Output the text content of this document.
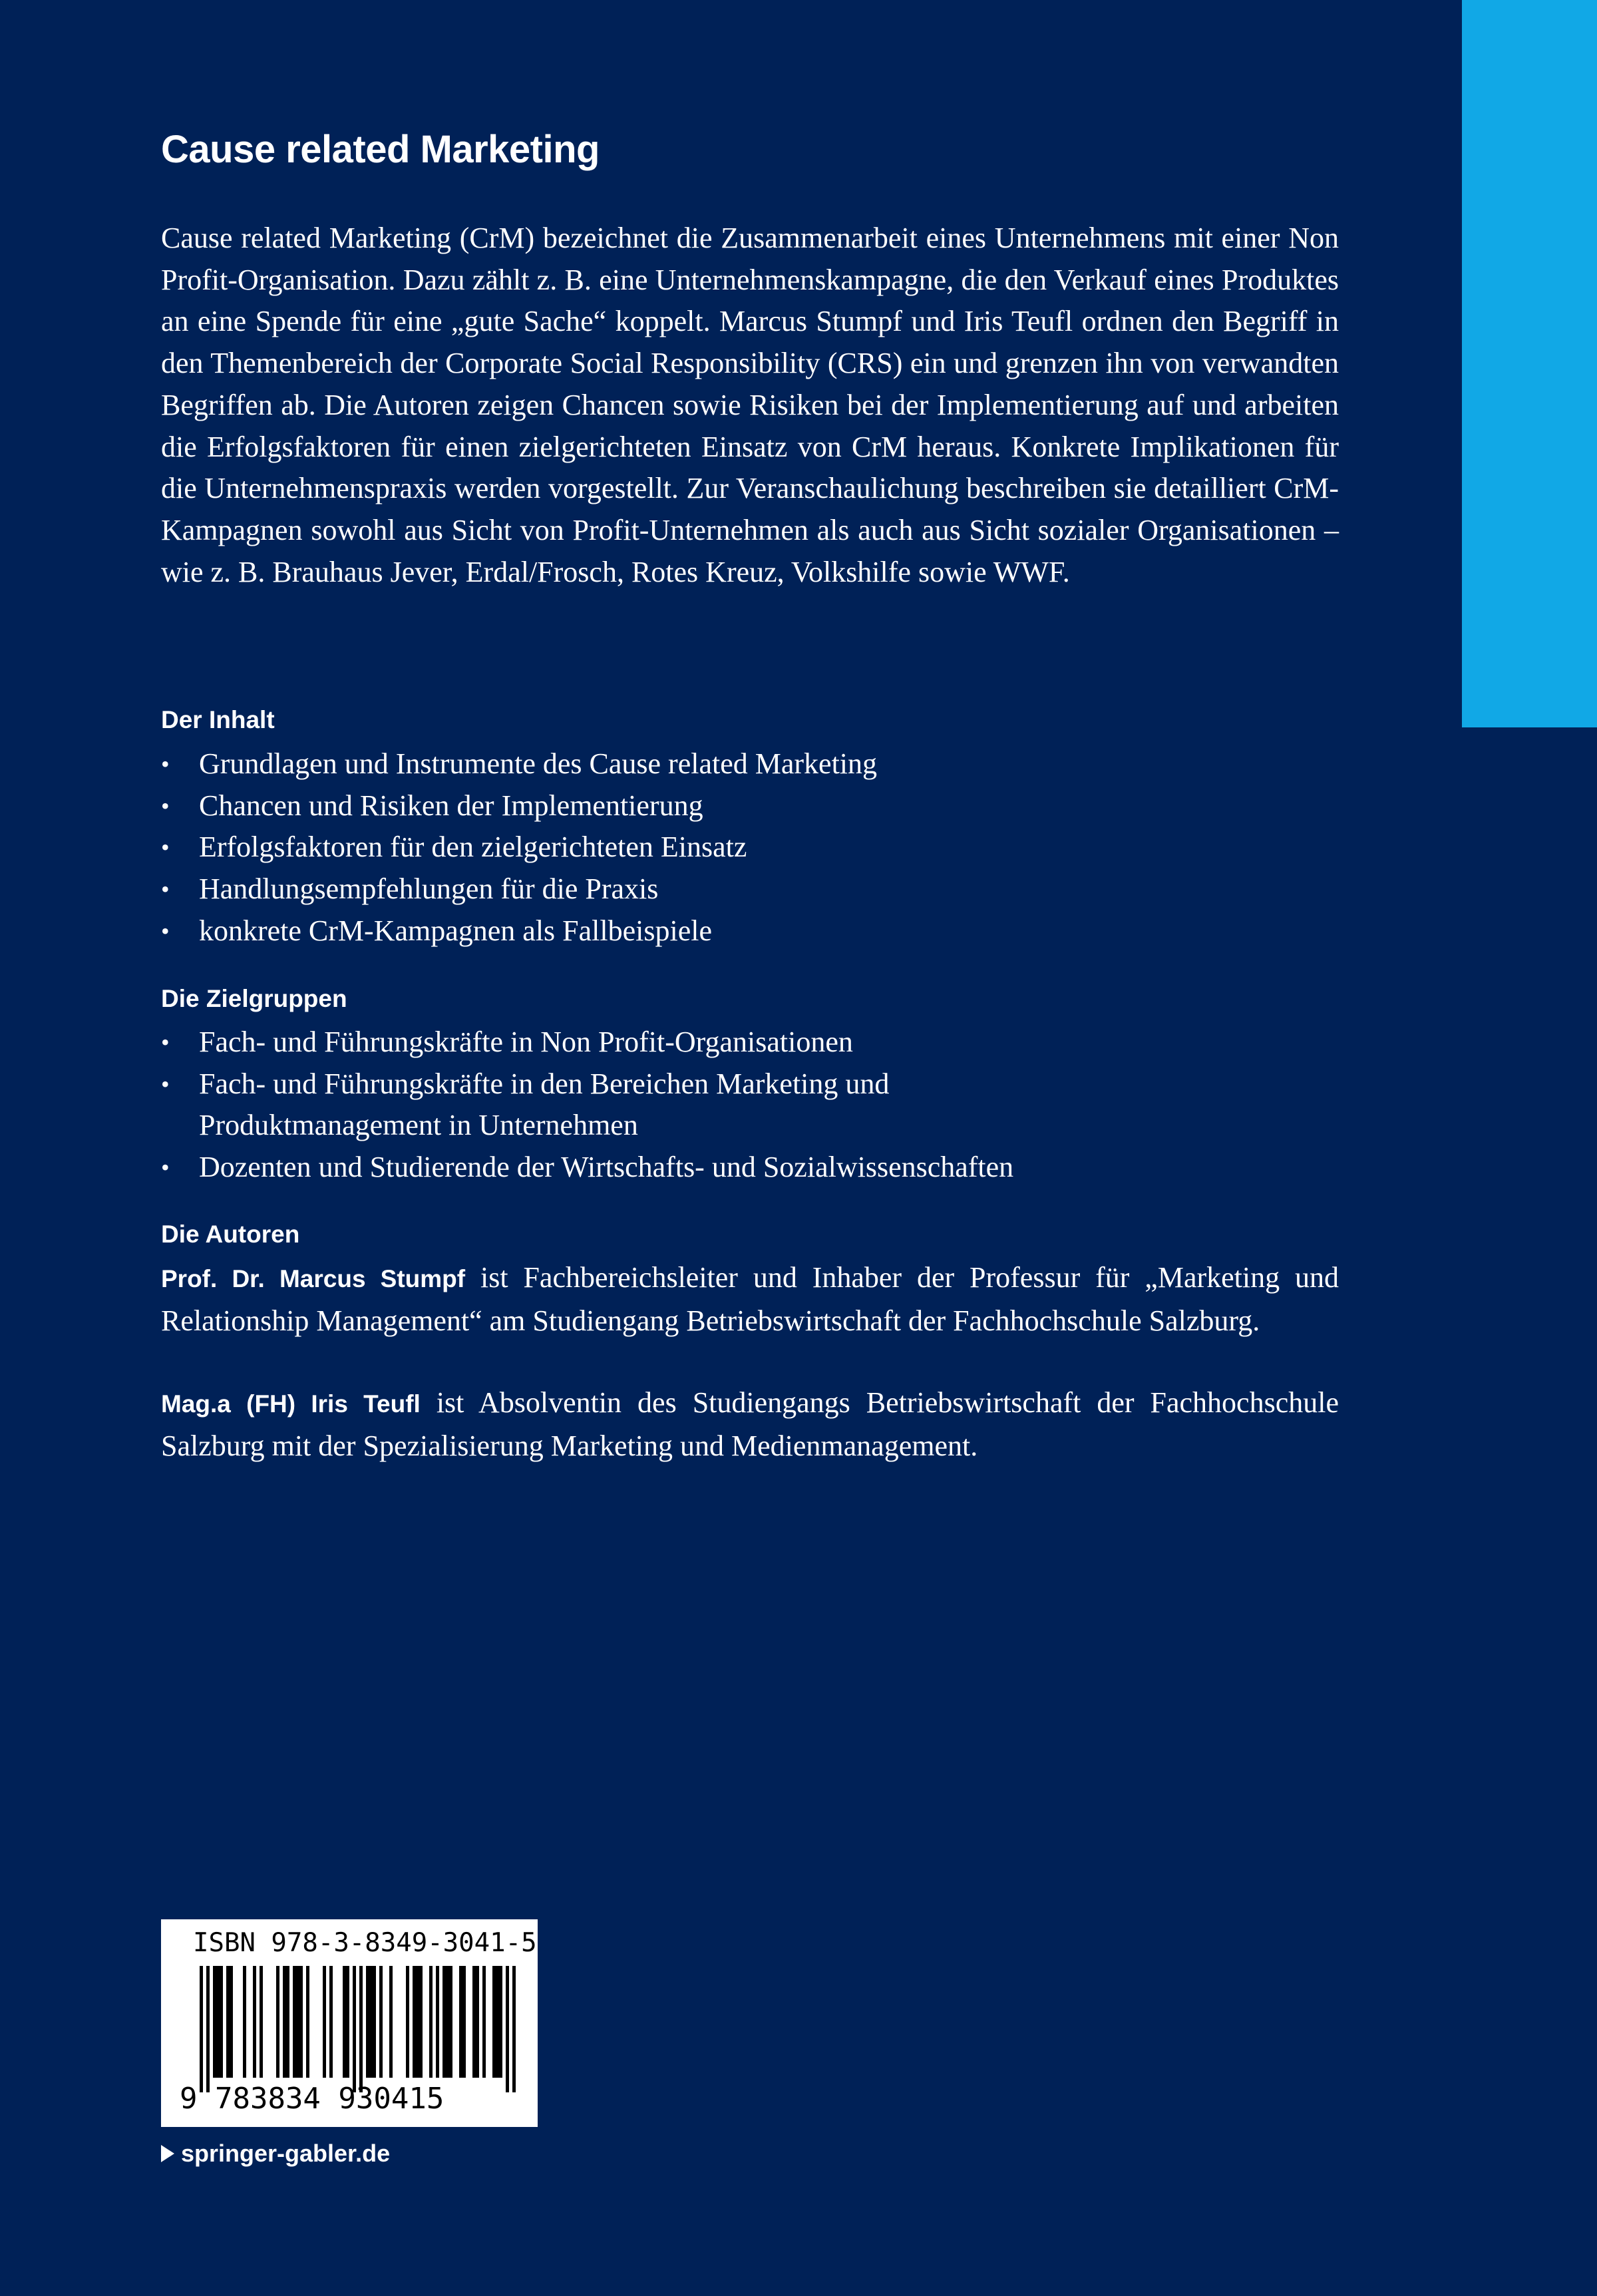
Cause related Marketing

Cause related Marketing (CrM) bezeichnet die Zusammenarbeit eines Unternehmens mit einer Non Profit-Organisation. Dazu zählt z. B. eine Unternehmenskampagne, die den Verkauf eines Produktes an eine Spende für eine „gute Sache“ koppelt. Marcus Stumpf und Iris Teufl ordnen den Begriff in den Themenbereich der Corporate Social Responsibility (CRS) ein und grenzen ihn von verwandten Begriffen ab. Die Autoren zeigen Chancen sowie Risiken bei der Implementierung auf und arbeiten die Erfolgsfaktoren für einen zielgerichteten Einsatz von CrM heraus. Konkrete Implikationen für die Unternehmenspraxis werden vorgestellt. Zur Veranschaulichung beschreiben sie detailliert CrM-Kampagnen sowohl aus Sicht von Profit-Unternehmen als auch aus Sicht sozialer Organisationen – wie z. B. Brauhaus Jever, Erdal/Frosch, Rotes Kreuz, Volkshilfe sowie WWF.

Der Inhalt
• Grundlagen und Instrumente des Cause related Marketing
• Chancen und Risiken der Implementierung
• Erfolgsfaktoren für den zielgerichteten Einsatz
• Handlungsempfehlungen für die Praxis
• konkrete CrM-Kampagnen als Fallbeispiele
Die Zielgruppen
• Fach- und Führungskräfte in Non Profit-Organisationen
• Fach- und Führungskräfte in den Bereichen Marketing und
Produktmanagement in Unternehmen
• Dozenten und Studierende der Wirtschafts- und Sozialwissenschaften
Die Autoren

Prof. Dr. Marcus Stumpf ist Fachbereichsleiter und Inhaber der Professur für „Marketing und Relationship Management“ am Studiengang Betriebswirtschaft der Fachhochschule Salzburg.

Mag.a (FH) Iris Teufl ist Absolventin des Studiengangs Betriebswirtschaft der Fachhochschule Salzburg mit der Spezialisierung Marketing und Medienmanagement.

ISBN 978-3-8349-3041-5

9 783834 930415

springer-gabler.de
